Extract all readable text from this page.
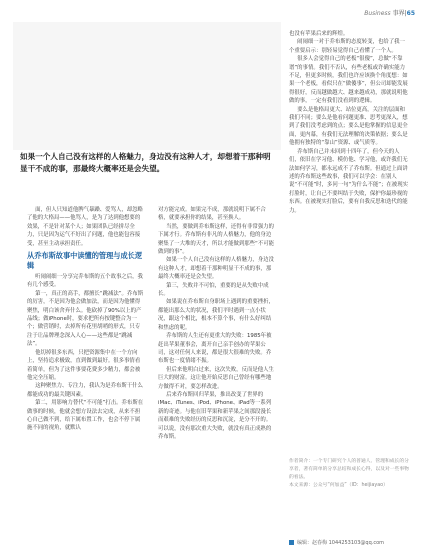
Business 事界|65

如果一个人自己没有这样的人格魅力，身边没有这种人才，却想着干那种明显干不成的事，那最终大概率还是会失望。

面，但人只知道他脾气暴躁、爱骂人，却忽略了他的大格局——他骂人，是为了达到他想要的效果，不是针对某个人；如果团队已经拼尽全力，只是因为运气不好出了问题，他也能包容接受，甚至主动承担责任。

从乔布斯故事中读懂的管理与成长逻辑

听闹闹细一分享完乔布斯的五个故事之后，我有几个感受。

第一，真正的高手，都擅长“跳减法”。乔布斯的厉害，不是因为他会做加法，而是因为他懂得聚焦，明白该舍弃什么。他砍掉了90%以上的产品线；做iPhone时，要求把所有按键整合为一个；做营销时，去掉所有花里胡哨的形式，只专注于让品牌理念深入人心——这些都是“跳减法”。

他切掉很多东西，只把资源集中在一个方向上，坚持追求极致，直到做到最好。很多事情看着简单，但为了这件事要花费多少精力，都会被他完全压缩。

这种聚焦力、专注力，我认为是乔布斯干什么都能成功的最关键因素。

第二，用影响力替代“不可能”打击。乔布斯在做事的时候，他就会想方设法去完成，从来不担心自己做不到，给下属布置工作，也会不停下属施不同的视角，就默认

对方能完成。如果完不成，那就说明下属不合格，就要承担你的结果，甚至换人。

当然，要做到乔布斯这样，还得有非常强力的下属才行。乔布斯有非凡的人格魅力，他的身边聚集了一大堆的天才，所以才能做到那些“不可能做到的事”。

如果一个人自己没有这样的人格魅力，身边没有这种人才，却想着干那种明显干不成的事，那最终大概率还是会失望。

第三，失败并不可怕，重要的是从失败中成长。

如果说在乔布斯自身职场上遇到的重要挫折，都能出那么大的状况，我们平时遇到一点小状况，跟这个相比，根本不算个事，有什么好纠结和焦虑的呢。

乔布斯的人生还有更重大的失败：1985年被赶出苹果董事会，离开自己亲手创办的苹果公司，这对任何人来说，都是很大很难的失败。乔布斯也一度情绪不振。

但后来他明白过来，这次失败，反而是他人生巨大的财富。这让他开始反思自己曾经有哪些地方做得不对，要怎样改进。

后来乔布斯回归苹果，推出改变了世界的iMac、iTunes、iPod、iPhone、iPad等一系列新的奇迹。与他在旧苹果和新苹果之间那段漫长而艰难的失败经历的反思和沉淀，是分不开的。可以说，没有那次重大失败，就没有真正成熟的乔布斯。

也没有苹果后来的辉煌。

闹闹细一对于乔布斯的态度转变，也给了我一个重要启示：别轻易觉得自己看懂了一个人。

很多人会觉得自己的老板“很傻”，总做“不靠谱”的事情。我们不否认，有些老板或许确实能力不足，但更多时候，我们也许应该换个角度想：如果一个老板，看似只在“做傻事”，但公司却能发展得很好，反而越做越大、越来越成功，那就说明他做的事，一定有我们没看到的逻辑。

要么是他格局更大、站位更高，关注的层面和我们不同；要么是他看问题更准、思考更深入，想到了我们没考虑到的点；要么是他掌握的信息更全面，更内幕，有我们无法理解的决策依据；要么是他拥有独特的“靠山”资源、或气质等。

乔布斯自己并未回到十四年了，但今天的人们，依旧在学习他、模仿他、学习他，或许我们无法如何学习，都永远成不了乔布斯。但通过上面讲述的乔布斯这些故事，我们可以学会：在别人说“不可能”时，多问一句“为什么不能”；在被现实打脸时，让自己不要纠结于失败，保护你最珍视的东西。在被现实打脸后，要有自我反思和迭代的能力。

作者简介：一个专门研究个人的普通人、管理和成长的分享者，著有简单的分享总结和成长心得，以及对一些事物的看法。

本文来源：公众号“何加益”（ID：heijiayao）

编辑：赵春梅 1044253103@qq.com
